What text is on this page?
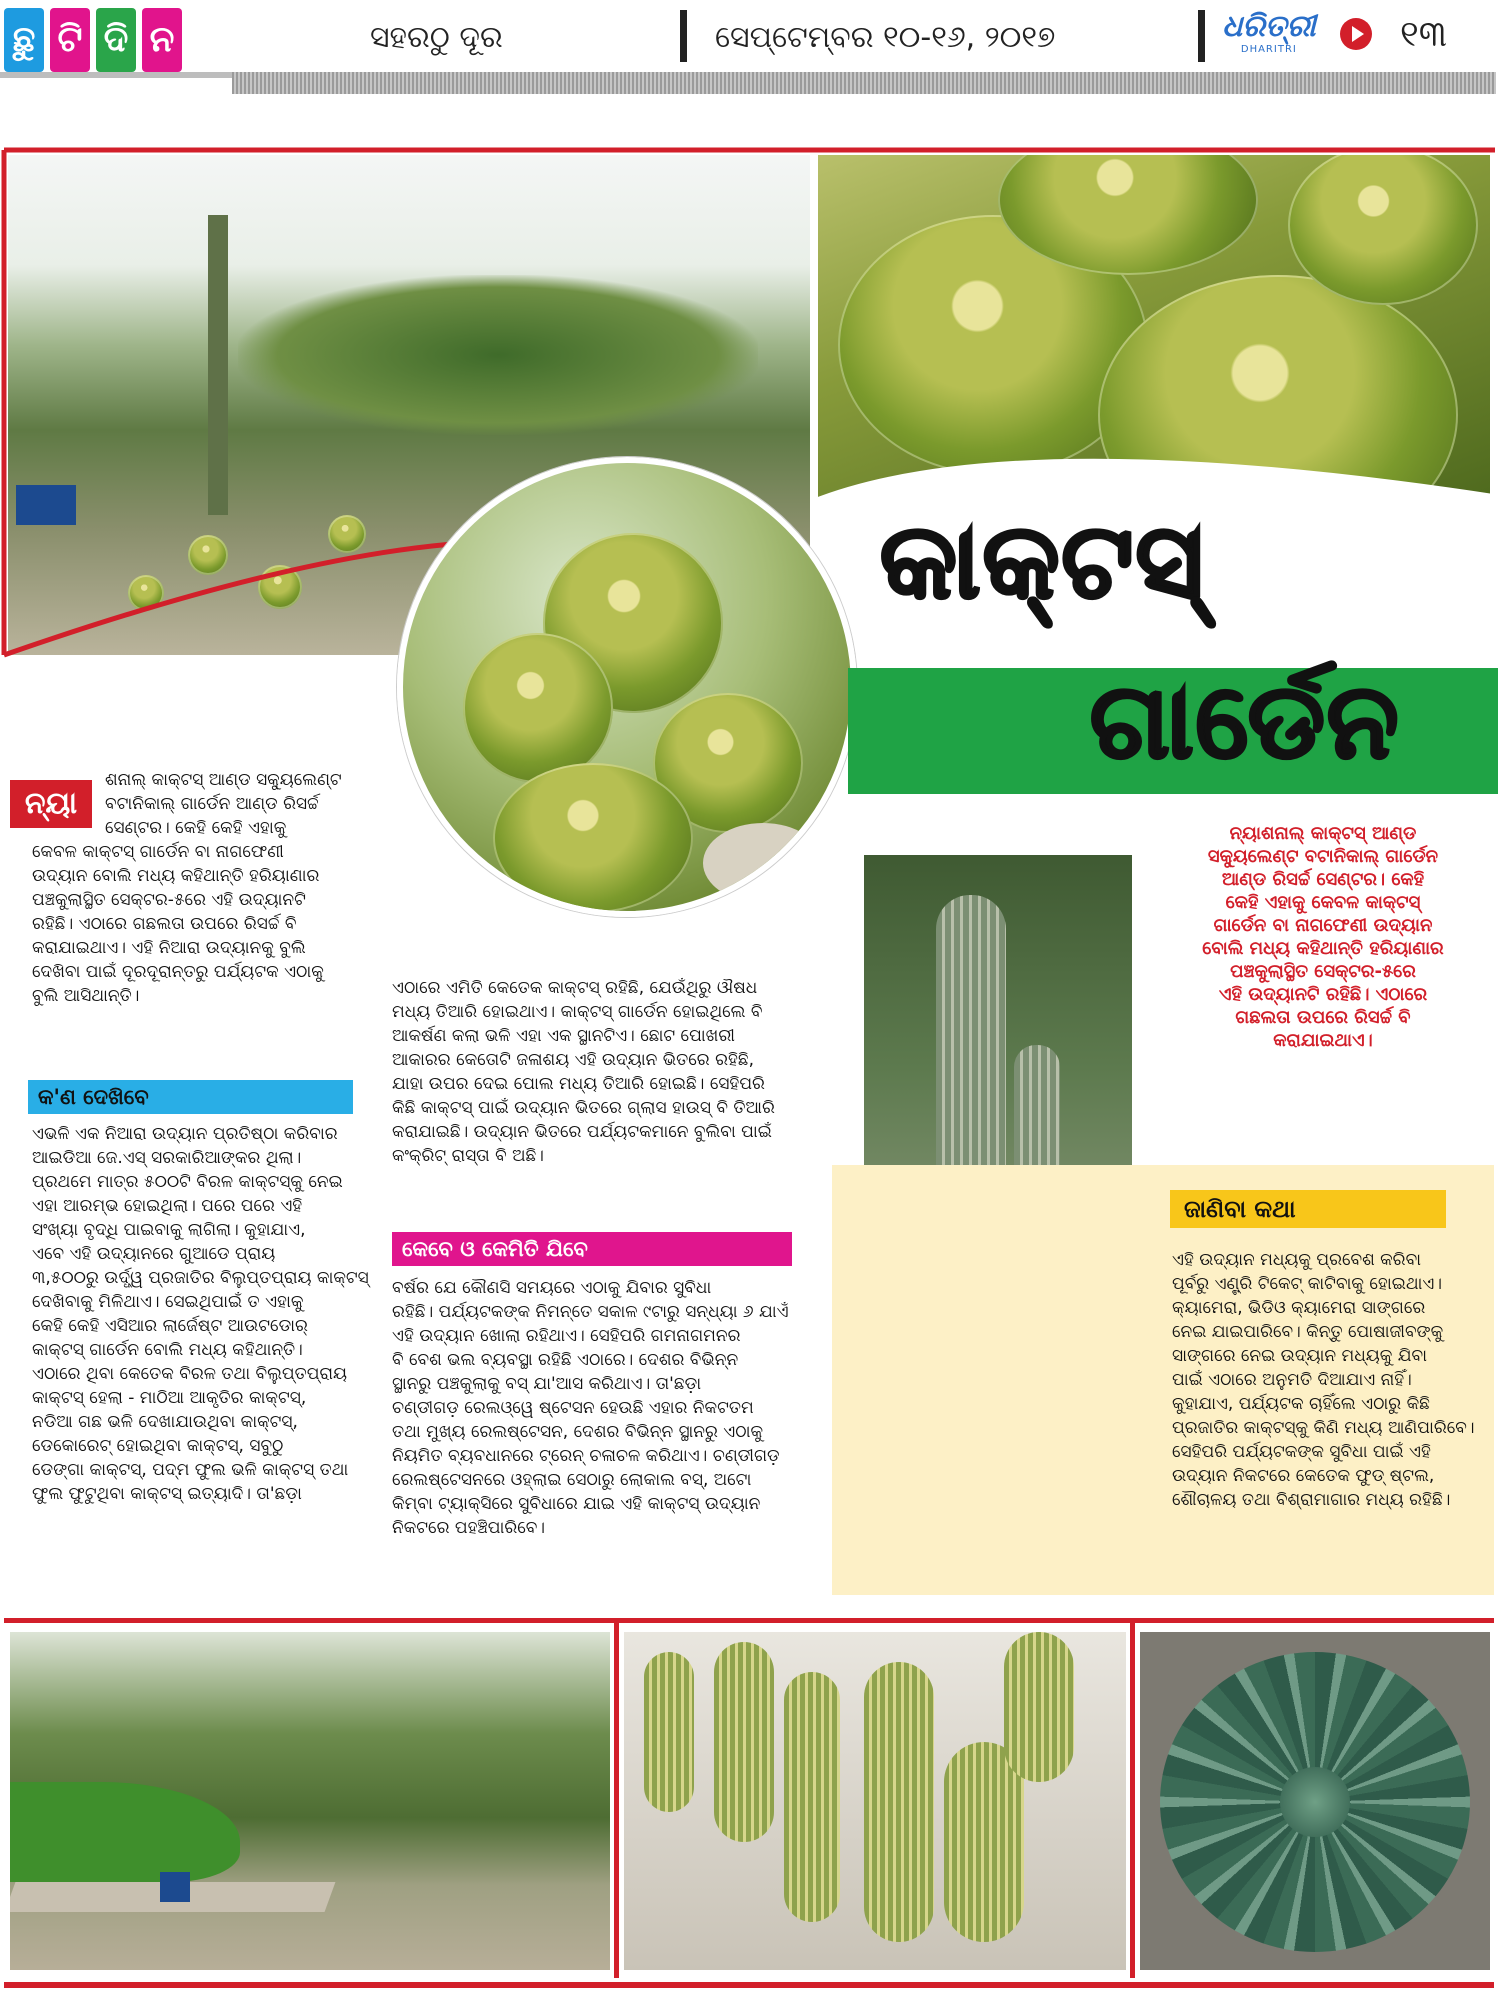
ଛୁ ଟି ଦି ନ	ସହରଠୁ ଦୂର	ସେପ୍ଟେମ୍ବର ୧୦-୧୬, ୨୦୧୭	ଧରିତ୍ରୀ
DHARITRI	୧୩
କାକ୍ଟସ୍
ଗାର୍ଡେନ
ନ୍ୟା
ଶନାଲ୍ କାକ୍ଟସ୍ ଆଣ୍ଡ ସକ୍ୟୁଲେଣ୍ଟ
ବଟାନିକାଲ୍ ଗାର୍ଡେନ ଆଣ୍ଡ ରିସର୍ଚ୍ଚ
ସେଣ୍ଟର। କେହି କେହି ଏହାକୁ
କେବଳ କାକ୍ଟସ୍ ଗାର୍ଡେନ ବା ନାଗଫେଣୀ
ଉଦ୍ୟାନ ବୋଲି ମଧ୍ୟ କହିଥାନ୍ତି ହରିୟାଣାର
ପଞ୍ଚକୁଲାସ୍ଥିତ ସେକ୍ଟର-୫ରେ ଏହି ଉଦ୍ୟାନଟି
ରହିଛି। ଏଠାରେ ଗଛଲତା ଉପରେ ରିସର୍ଚ୍ଚ ବି
କରାଯାଇଥାଏ। ଏହି ନିଆରା ଉଦ୍ୟାନକୁ ବୁଲି
ଦେଖିବା ପାଇଁ ଦୂରଦୂରାନ୍ତରୁ ପର୍ଯ୍ୟଟକ ଏଠାକୁ
ବୁଲି ଆସିଥାନ୍ତି।
କ'ଣ ଦେଖିବେ
ଏଭଳି ଏକ ନିଆରା ଉଦ୍ୟାନ ପ୍ରତିଷ୍ଠା କରିବାର
ଆଇଡିଆ ଜେ.ଏସ୍ ସରକାରିଆଙ୍କର ଥିଲା।
ପ୍ରଥମେ ମାତ୍ର ୫୦୦ଟି ବିରଳ କାକ୍ଟସ୍‌କୁ ନେଇ
ଏହା ଆରମ୍ଭ ହୋଇଥିଲା। ପରେ ପରେ ଏହି
ସଂଖ୍ୟା ବୃଦ୍ଧି ପାଇବାକୁ ଲାଗିଲା। କୁହାଯାଏ,
ଏବେ ଏହି ଉଦ୍ୟାନରେ ଗୁଆଡେ ପ୍ରାୟ
୩,୫୦୦ରୁ ଉର୍ଦ୍ଧ୍ୱ ପ୍ରଜାତିର ବିଲୁପ୍ତପ୍ରାୟ କାକ୍ଟସ୍
ଦେଖିବାକୁ ମିଳିଥାଏ। ସେଇଥିପାଇଁ ତ ଏହାକୁ
କେହି କେହି ଏସିଆର ଲାର୍ଜେଷ୍ଟ ଆଉଟଡୋର୍
କାକ୍ଟସ୍ ଗାର୍ଡେନ ବୋଲି ମଧ୍ୟ କହିଥାନ୍ତି।
ଏଠାରେ ଥିବା କେତେକ ବିରଳ ତଥା ବିଲୁପ୍ତପ୍ରାୟ
କାକ୍ଟସ୍ ହେଲା - ମାଠିଆ ଆକୃତିର କାକ୍ଟସ୍,
ନଡିଆ ଗଛ ଭଳି ଦେଖାଯାଉଥିବା କାକ୍ଟସ୍,
ଡେକୋରେଟ୍ ହୋଇଥିବା କାକ୍ଟସ୍, ସବୁଠୁ
ଡେଙ୍ଗା କାକ୍ଟସ୍, ପଦ୍ମ ଫୁଲ ଭଳି କାକ୍ଟସ୍ ତଥା
ଫୁଲ ଫୁଟୁଥିବା କାକ୍ଟସ୍ ଇତ୍ୟାଦି। ତା'ଛଡ଼ା
ଏଠାରେ ଏମିତି କେତେକ କାକ୍ଟସ୍ ରହିଛି, ଯେଉଁଥିରୁ ଔଷଧ
ମଧ୍ୟ ତିଆରି ହୋଇଥାଏ। କାକ୍ଟସ୍ ଗାର୍ଡେନ ହୋଇଥିଲେ ବି
ଆକର୍ଷଣ କଲା ଭଳି ଏହା ଏକ ସ୍ଥାନଟିଏ। ଛୋଟ ପୋଖରୀ
ଆକାରର କେତୋଟି ଜଳାଶୟ ଏହି ଉଦ୍ୟାନ ଭିତରେ ରହିଛି,
ଯାହା ଉପର ଦେଇ ପୋଲ ମଧ୍ୟ ତିଆରି ହୋଇଛି। ସେହିପରି
କିଛି କାକ୍ଟସ୍ ପାଇଁ ଉଦ୍ୟାନ ଭିତରେ ଗ୍ଲାସ ହାଉସ୍ ବି ତିଆରି
କରାଯାଇଛି। ଉଦ୍ୟାନ ଭିତରେ ପର୍ଯ୍ୟଟକମାନେ ବୁଲିବା ପାଇଁ
କଂକ୍ରିଟ୍ ରାସ୍ତା ବି ଅଛି।
କେବେ ଓ କେମିତି ଯିବେ
ବର୍ଷର ଯେ କୌଣସି ସମୟରେ ଏଠାକୁ ଯିବାର ସୁବିଧା
ରହିଛି। ପର୍ଯ୍ୟଟକଙ୍କ ନିମନ୍ତେ ସକାଳ ୯ଟାରୁ ସନ୍ଧ୍ୟା ୬ ଯାଏଁ
ଏହି ଉଦ୍ୟାନ ଖୋଲା ରହିଥାଏ। ସେହିପରି ଗମନାଗମନର
ବି ବେଶ ଭଲ ବ୍ୟବସ୍ଥା ରହିଛି ଏଠାରେ। ଦେଶର ବିଭିନ୍ନ
ସ୍ଥାନରୁ ପଞ୍ଚକୁଲାକୁ ବସ୍ ଯା'ଆସ କରିଥାଏ। ତା'ଛଡ଼ା
ଚଣ୍ଡୀଗଡ଼ ରେଲଓ୍ୱେ ଷ୍ଟେସନ ହେଉଛି ଏହାର ନିକଟତମ
ତଥା ମୁଖ୍ୟ ରେଲଷ୍ଟେସନ, ଦେଶର ବିଭିନ୍ନ ସ୍ଥାନରୁ ଏଠାକୁ
ନିୟମିତ ବ୍ୟବଧାନରେ ଟ୍ରେନ୍ ଚଳାଚଳ କରିଥାଏ। ଚଣ୍ଡୀଗଡ଼
ରେଲଷ୍ଟେସନରେ ଓହ୍ଲାଇ ସେଠାରୁ ଲୋକାଲ ବସ୍, ଅଟୋ
କିମ୍ବା ଟ୍ୟାକ୍ସିରେ ସୁବିଧାରେ ଯାଇ ଏହି କାକ୍ଟସ୍ ଉଦ୍ୟାନ
ନିକଟରେ ପହଞ୍ଚିପାରିବେ।
ନ୍ୟାଶନାଲ୍ କାକ୍ଟସ୍ ଆଣ୍ଡ
ସକ୍ୟୁଲେଣ୍ଟ ବଟାନିକାଲ୍ ଗାର୍ଡେନ
ଆଣ୍ଡ ରିସର୍ଚ୍ଚ ସେଣ୍ଟର। କେହି
କେହି ଏହାକୁ କେବଳ କାକ୍ଟସ୍
ଗାର୍ଡେନ ବା ନାଗଫେଣୀ ଉଦ୍ୟାନ
ବୋଲି ମଧ୍ୟ କହିଥାନ୍ତି ହରିୟାଣାର
ପଞ୍ଚକୁଲାସ୍ଥିତ ସେକ୍ଟର-୫ରେ
ଏହି ଉଦ୍ୟାନଟି ରହିଛି। ଏଠାରେ
ଗଛଲତା ଉପରେ ରିସର୍ଚ୍ଚ ବି
କରାଯାଇଥାଏ।
ଜାଣିବା କଥା
ଏହି ଉଦ୍ୟାନ ମଧ୍ୟକୁ ପ୍ରବେଶ କରିବା
ପୂର୍ବରୁ ଏଣ୍ଟ୍ରି ଟିକେଟ୍ କାଟିବାକୁ ହୋଇଥାଏ।
କ୍ୟାମେରା, ଭିଡିଓ କ୍ୟାମେରା ସାଙ୍ଗରେ
ନେଇ ଯାଇପାରିବେ। କିନ୍ତୁ ପୋଷାଜୀବଙ୍କୁ
ସାଙ୍ଗରେ ନେଇ ଉଦ୍ୟାନ ମଧ୍ୟକୁ ଯିବା
ପାଇଁ ଏଠାରେ ଅନୁମତି ଦିଆଯାଏ ନାହିଁ।
କୁହାଯାଏ, ପର୍ଯ୍ୟଟକ ଚାହିଁଲେ ଏଠାରୁ କିଛି
ପ୍ରଜାତିର କାକ୍ଟସ୍‌କୁ କିଣି ମଧ୍ୟ ଆଣିପାରିବେ।
ସେହିପରି ପର୍ଯ୍ୟଟକଙ୍କ ସୁବିଧା ପାଇଁ ଏହି
ଉଦ୍ୟାନ ନିକଟରେ କେତେକ ଫୁଡ୍ ଷ୍ଟଲ,
ଶୌଚାଳୟ ତଥା ବିଶ୍ରାମାଗାର ମଧ୍ୟ ରହିଛି।
